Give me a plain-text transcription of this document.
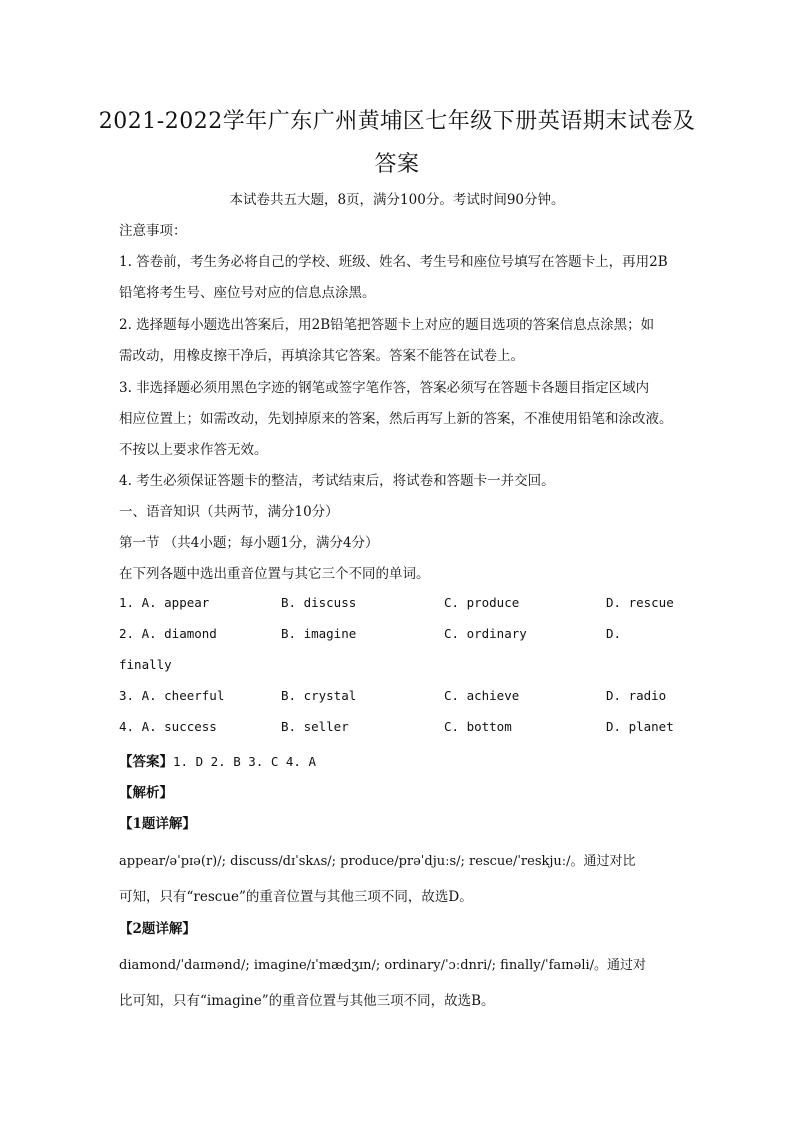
2021-2022学年广东广州黄埔区七年级下册英语期末试卷及
答案
本试卷共五大题，8页，满分100分。考试时间90分钟。
注意事项：
1. 答卷前，考生务必将自己的学校、班级、姓名、考生号和座位号填写在答题卡上，再用2B
铅笔将考生号、座位号对应的信息点涂黑。
2. 选择题每小题选出答案后，用2B铅笔把答题卡上对应的题目选项的答案信息点涂黑；如
需改动，用橡皮擦干净后，再填涂其它答案。答案不能答在试卷上。
3. 非选择题必须用黑色字迹的钢笔或签字笔作答，答案必须写在答题卡各题目指定区域内
相应位置上；如需改动，先划掉原来的答案，然后再写上新的答案，不准使用铅笔和涂改液。
不按以上要求作答无效。
4. 考生必须保证答题卡的整洁，考试结束后，将试卷和答题卡一并交回。
一、语音知识（共两节，满分10分）
第一节 （共4小题；每小题1分，满分4分）
在下列各题中选出重音位置与其它三个不同的单词。
1. A. appear	B. discuss	C. produce	D. rescue
2. A. diamond	B. imagine	C. ordinary	D.
finally
3. A. cheerful	B. crystal	C. achieve	D. radio
4. A. success	B. seller	C. bottom	D. planet
【答案】1. D 2. B 3. C 4. A
【解析】
【1题详解】
appear/əˈpɪə(r)/; discuss/dɪˈskʌs/; produce/prəˈdjuːs/; rescue/ˈreskjuː/。通过对比
可知，只有“rescue”的重音位置与其他三项不同，故选D。
【2题详解】
diamond/ˈdaɪmənd/; imagine/ɪˈmædʒɪn/; ordinary/ˈɔːdnri/; finally/ˈfaɪnəli/。通过对
比可知，只有“imagine”的重音位置与其他三项不同，故选B。
